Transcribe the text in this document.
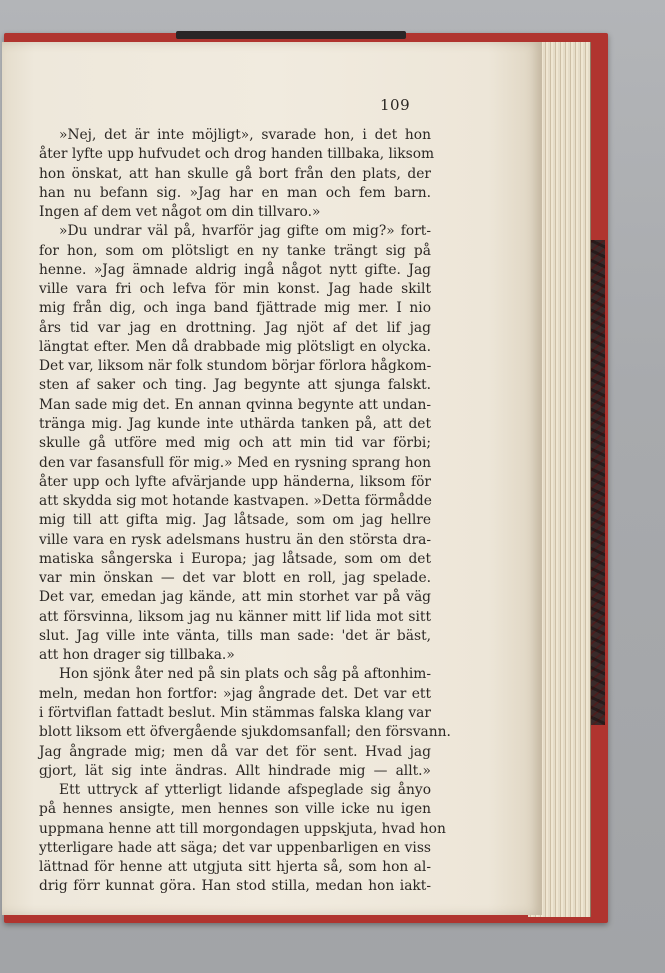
109
»Nej, det är inte möjligt», svarade hon, i det hon
åter lyfte upp hufvudet och drog handen tillbaka, liksom
hon önskat, att han skulle gå bort från den plats, der
han nu befann sig. »Jag har en man och fem barn.
Ingen af dem vet något om din tillvaro.»
»Du undrar väl på, hvarför jag gifte om mig?» fort-
for hon, som om plötsligt en ny tanke trängt sig på
henne. »Jag ämnade aldrig ingå något nytt gifte. Jag
ville vara fri och lefva för min konst. Jag hade skilt
mig från dig, och inga band fjättrade mig mer. I nio
års tid var jag en drottning. Jag njöt af det lif jag
längtat efter. Men då drabbade mig plötsligt en olycka.
Det var, liksom när folk stundom börjar förlora hågkom-
sten af saker och ting. Jag begynte att sjunga falskt.
Man sade mig det. En annan qvinna begynte att undan-
tränga mig. Jag kunde inte uthärda tanken på, att det
skulle gå utföre med mig och att min tid var förbi;
den var fasansfull för mig.» Med en rysning sprang hon
åter upp och lyfte afvärjande upp händerna, liksom för
att skydda sig mot hotande kastvapen. »Detta förmådde
mig till att gifta mig. Jag låtsade, som om jag hellre
ville vara en rysk adelsmans hustru än den största dra-
matiska sångerska i Europa; jag låtsade, som om det
var min önskan — det var blott en roll, jag spelade.
Det var, emedan jag kände, att min storhet var på väg
att försvinna, liksom jag nu känner mitt lif lida mot sitt
slut. Jag ville inte vänta, tills man sade: 'det är bäst,
att hon drager sig tillbaka.»
Hon sjönk åter ned på sin plats och såg på aftonhim-
meln, medan hon fortfor: »jag ångrade det. Det var ett
i förtviflan fattadt beslut. Min stämmas falska klang var
blott liksom ett öfvergående sjukdomsanfall; den försvann.
Jag ångrade mig; men då var det för sent. Hvad jag
gjort, lät sig inte ändras. Allt hindrade mig — allt.»
Ett uttryck af ytterligt lidande afspeglade sig ånyo
på hennes ansigte, men hennes son ville icke nu igen
uppmana henne att till morgondagen uppskjuta, hvad hon
ytterligare hade att säga; det var uppenbarligen en viss
lättnad för henne att utgjuta sitt hjerta så, som hon al-
drig förr kunnat göra. Han stod stilla, medan hon iakt-
